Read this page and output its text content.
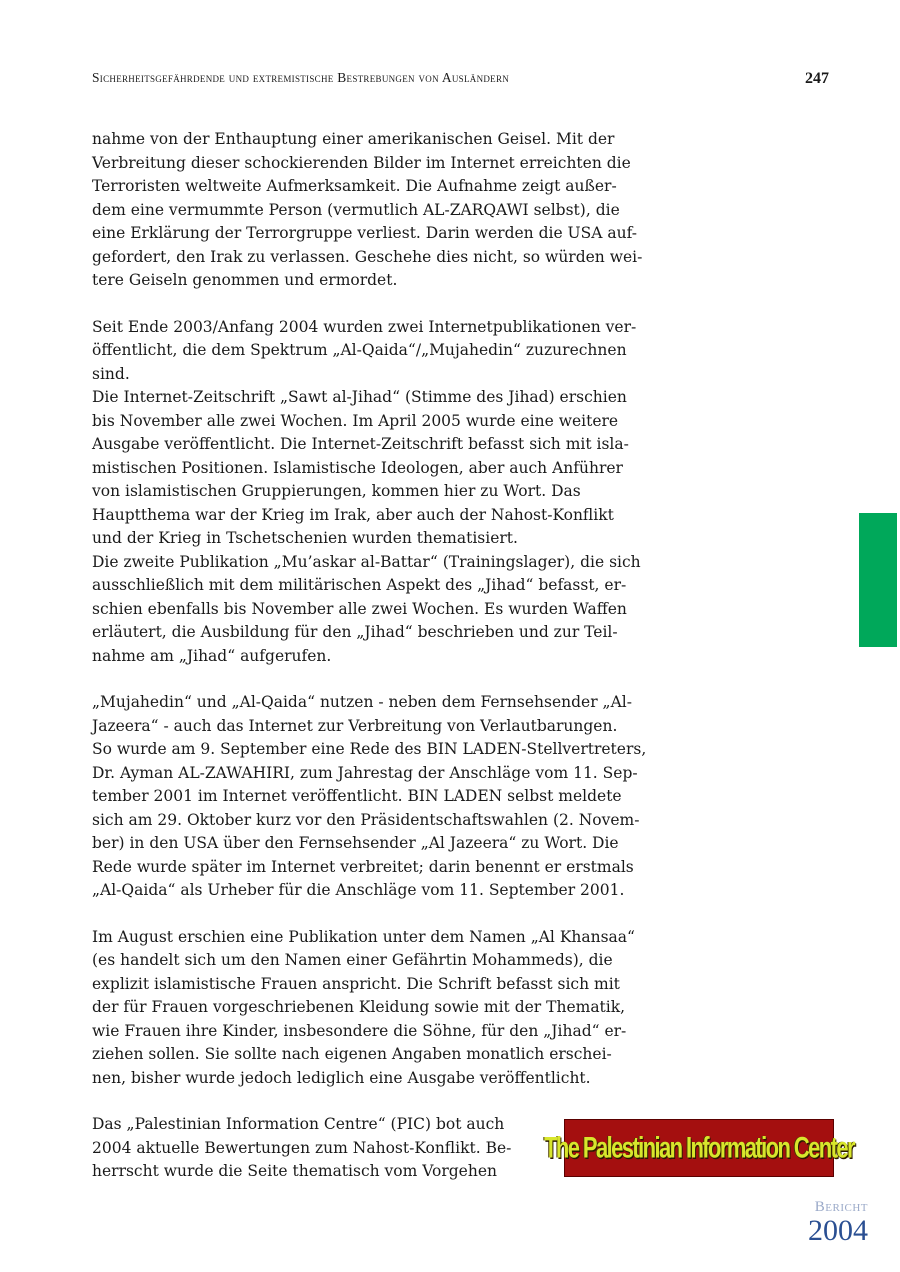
Sicherheitsgefährdende und extremistische Bestrebungen von Ausländern	247

nahme von der Enthauptung einer amerikanischen Geisel. Mit der
Verbreitung dieser schockierenden Bilder im Internet erreichten die
Terroristen weltweite Aufmerksamkeit. Die Aufnahme zeigt außer-
dem eine vermummte Person (vermutlich AL-ZARQAWI selbst), die
eine Erklärung der Terrorgruppe verliest. Darin werden die USA auf-
gefordert, den Irak zu verlassen. Geschehe dies nicht, so würden wei-
tere Geiseln genommen und ermordet.

Seit Ende 2003/Anfang 2004 wurden zwei Internetpublikationen ver-
öffentlicht, die dem Spektrum „Al-Qaida“/„Mujahedin“ zuzurechnen
sind.
Die Internet-Zeitschrift „Sawt al-Jihad“ (Stimme des Jihad) erschien
bis November alle zwei Wochen. Im April 2005 wurde eine weitere
Ausgabe veröffentlicht. Die Internet-Zeitschrift befasst sich mit isla-
mistischen Positionen. Islamistische Ideologen, aber auch Anführer
von islamistischen Gruppierungen, kommen hier zu Wort. Das
Hauptthema war der Krieg im Irak, aber auch der Nahost-Konflikt
und der Krieg in Tschetschenien wurden thematisiert.
Die zweite Publikation „Mu’askar al-Battar“ (Trainingslager), die sich
ausschließlich mit dem militärischen Aspekt des „Jihad“ befasst, er-
schien ebenfalls bis November alle zwei Wochen. Es wurden Waffen
erläutert, die Ausbildung für den „Jihad“ beschrieben und zur Teil-
nahme am „Jihad“ aufgerufen.

„Mujahedin“ und „Al-Qaida“ nutzen - neben dem Fernsehsender „Al-
Jazeera“ - auch das Internet zur Verbreitung von Verlautbarungen.
So wurde am 9. September eine Rede des BIN LADEN-Stellvertreters,
Dr. Ayman AL-ZAWAHIRI, zum Jahrestag der Anschläge vom 11. Sep-
tember 2001 im Internet veröffentlicht. BIN LADEN selbst meldete
sich am 29. Oktober kurz vor den Präsidentschaftswahlen (2. Novem-
ber) in den USA über den Fernsehsender „Al Jazeera“ zu Wort. Die
Rede wurde später im Internet verbreitet; darin benennt er erstmals
„Al-Qaida“ als Urheber für die Anschläge vom 11. September 2001.

Im August erschien eine Publikation unter dem Namen „Al Khansaa“
(es handelt sich um den Namen einer Gefährtin Mohammeds), die
explizit islamistische Frauen anspricht. Die Schrift befasst sich mit
der für Frauen vorgeschriebenen Kleidung sowie mit der Thematik,
wie Frauen ihre Kinder, insbesondere die Söhne, für den „Jihad“ er-
ziehen sollen. Sie sollte nach eigenen Angaben monatlich erschei-
nen, bisher wurde jedoch lediglich eine Ausgabe veröffentlicht.

Das „Palestinian Information Centre“ (PIC) bot auch
2004 aktuelle Bewertungen zum Nahost-Konflikt. Be-
herrscht wurde die Seite thematisch vom Vorgehen

The Palestinian Information Center
Bericht
2004
